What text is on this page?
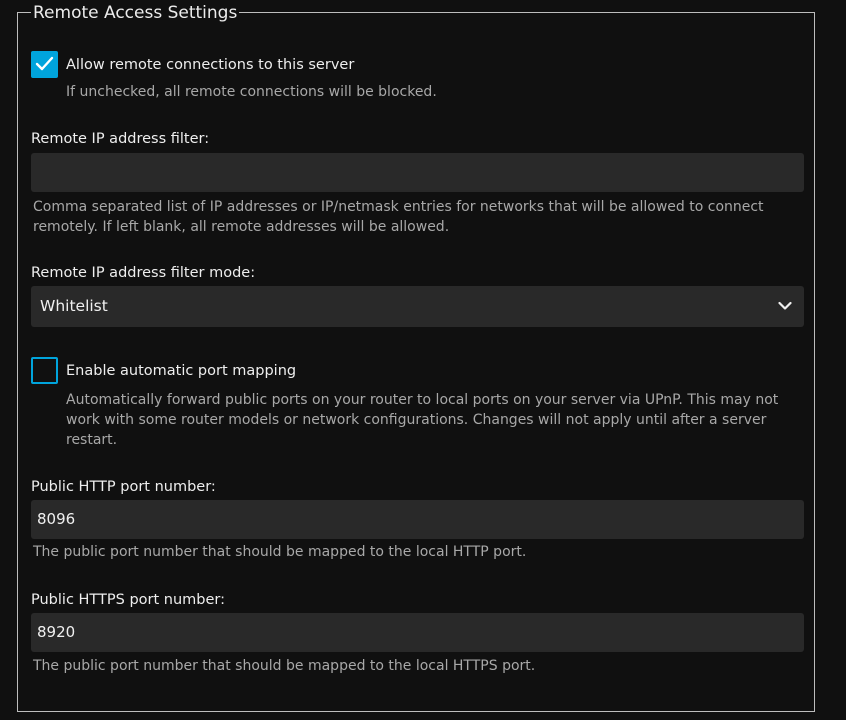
Remote Access Settings
Allow remote connections to this server
If unchecked, all remote connections will be blocked.
Remote IP address filter:
Comma separated list of IP addresses or IP/netmask entries for networks that will be allowed to connect remotely. If left blank, all remote addresses will be allowed.
Remote IP address filter mode:
Whitelist
Enable automatic port mapping
Automatically forward public ports on your router to local ports on your server via UPnP. This may not work with some router models or network configurations. Changes will not apply until after a server restart.
Public HTTP port number:
8096
The public port number that should be mapped to the local HTTP port.
Public HTTPS port number:
8920
The public port number that should be mapped to the local HTTPS port.
